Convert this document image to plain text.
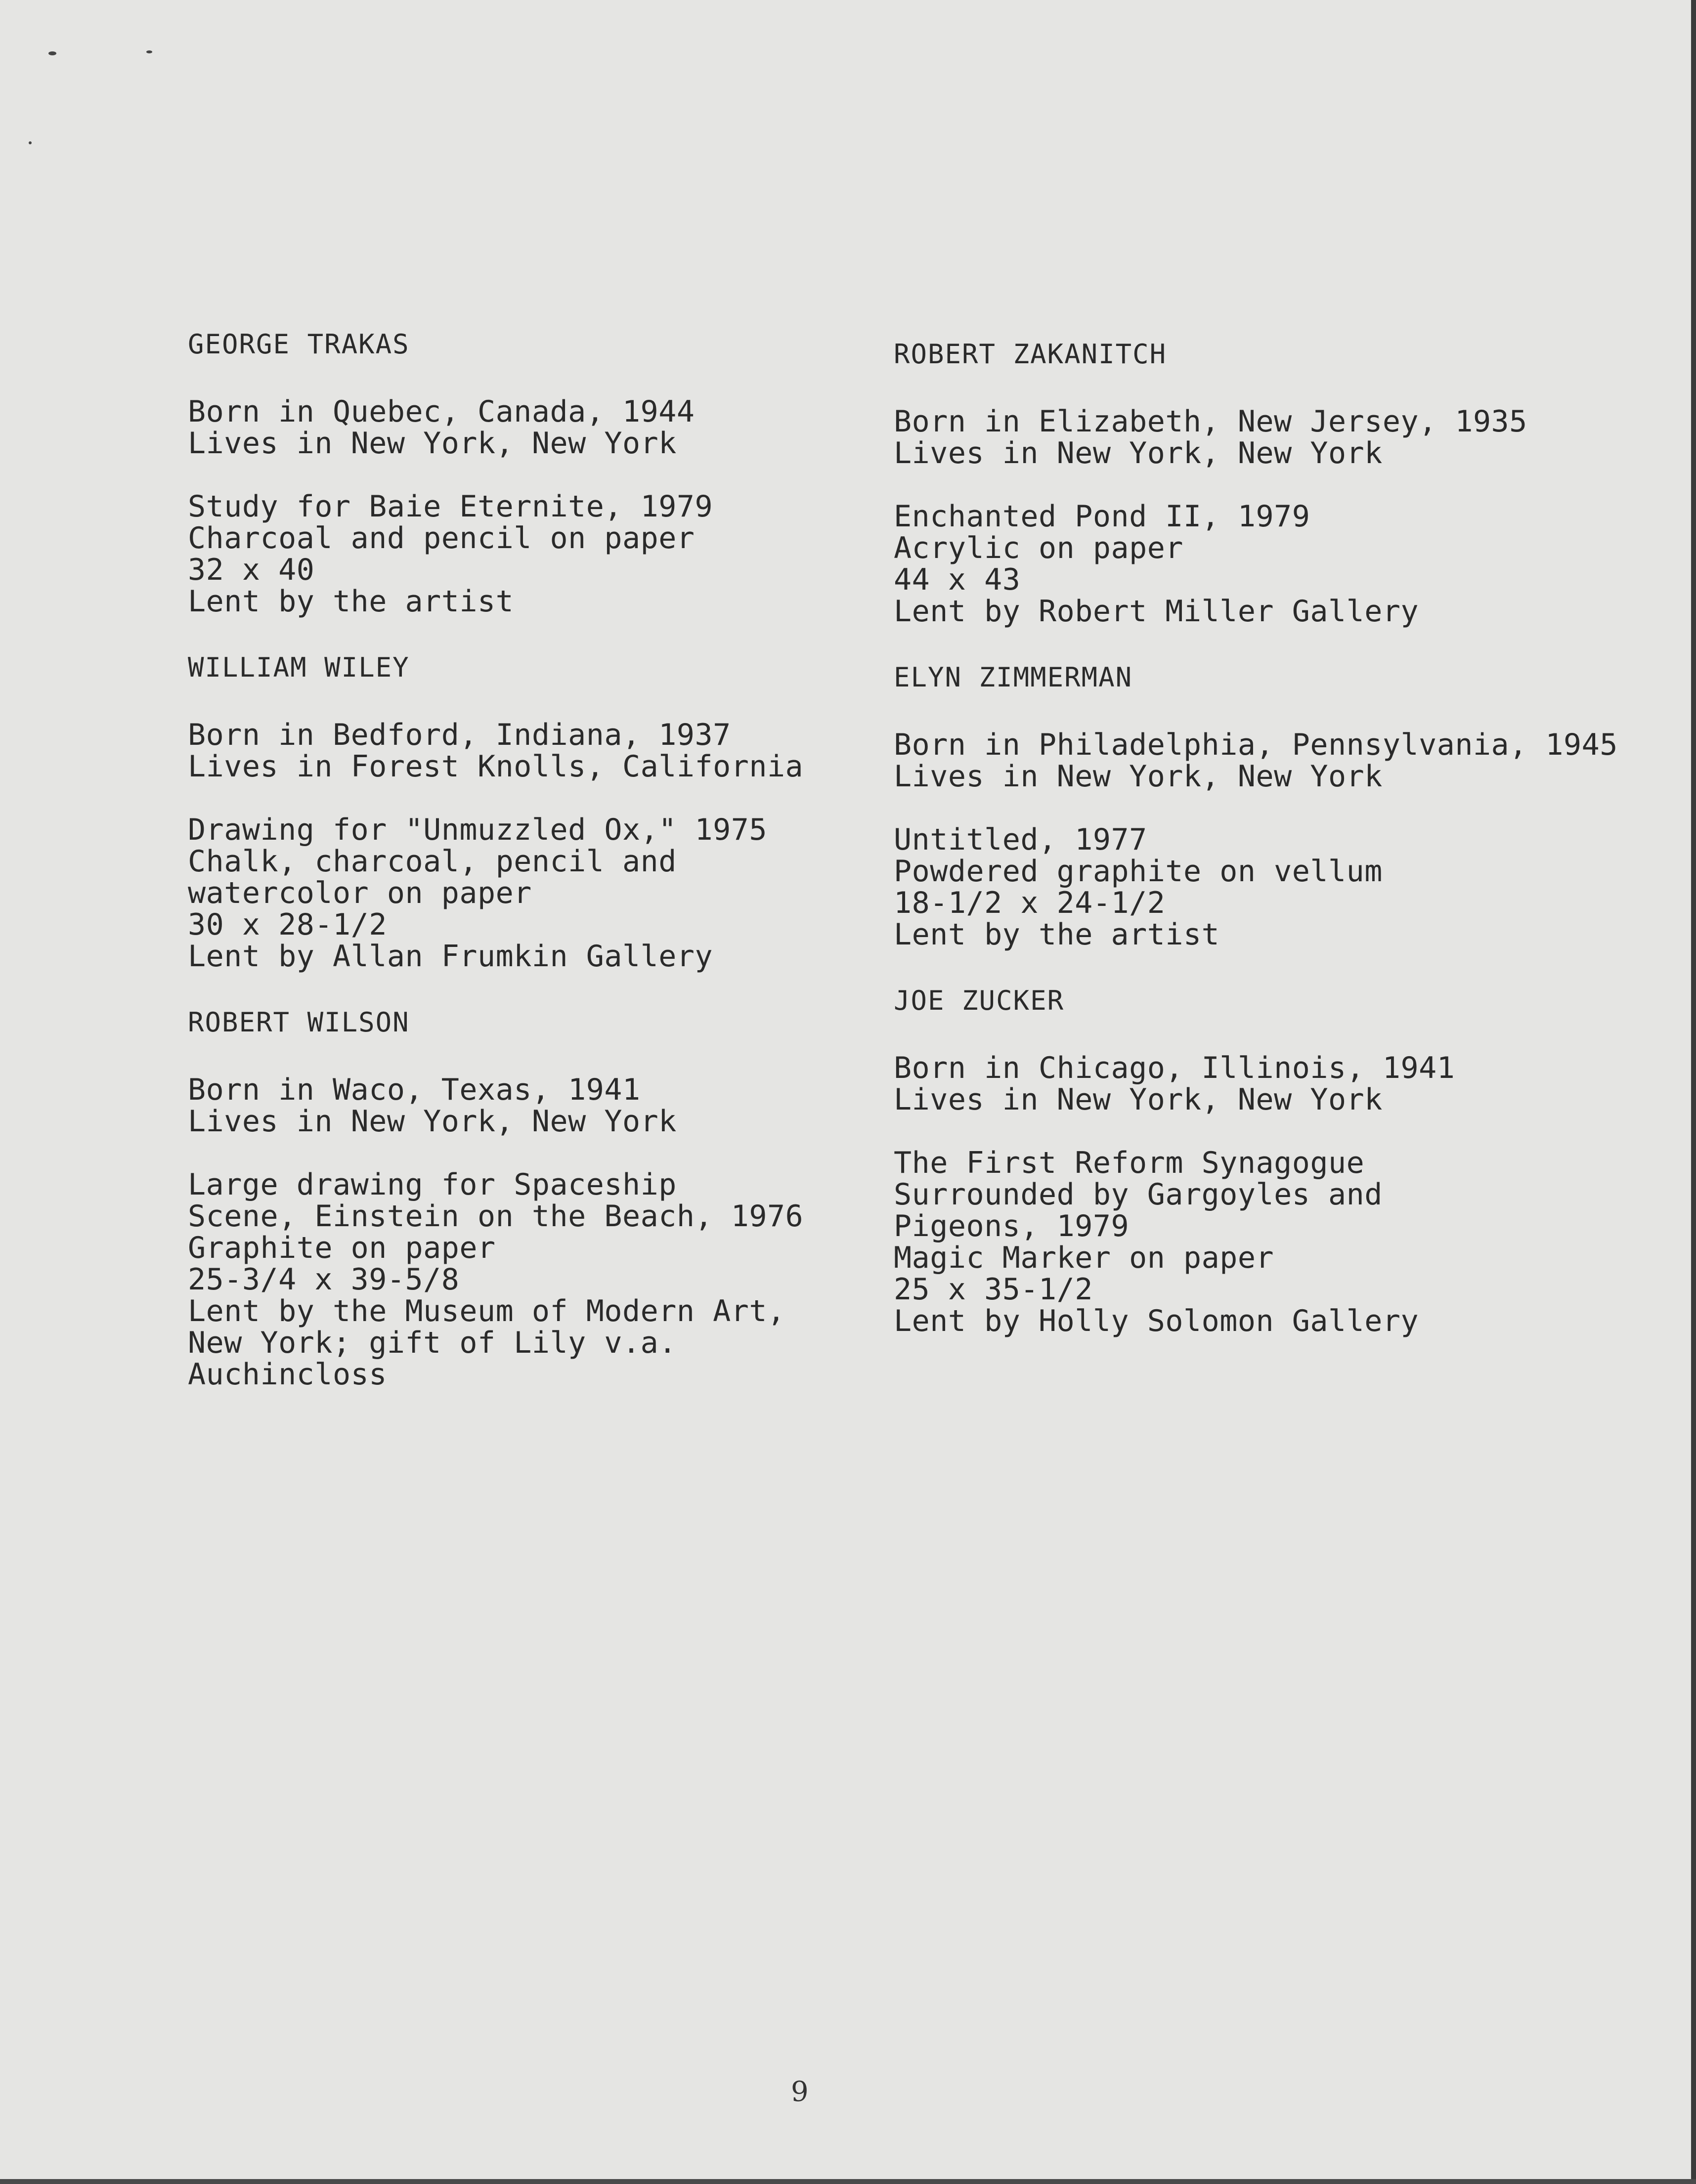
GEORGE TRAKAS
Born in Quebec, Canada, 1944
Lives in New York, New York
Study for Baie Eternite, 1979
Charcoal and pencil on paper
32 x 40
Lent by the artist
WILLIAM WILEY
Born in Bedford, Indiana, 1937
Lives in Forest Knolls, California
Drawing for "Unmuzzled Ox," 1975
Chalk, charcoal, pencil and
watercolor on paper
30 x 28-1/2
Lent by Allan Frumkin Gallery
ROBERT WILSON
Born in Waco, Texas, 1941
Lives in New York, New York
Large drawing for Spaceship
Scene, Einstein on the Beach, 1976
Graphite on paper
25-3/4 x 39-5/8
Lent by the Museum of Modern Art,
New York; gift of Lily v.a.
Auchincloss
ROBERT ZAKANITCH
Born in Elizabeth, New Jersey, 1935
Lives in New York, New York
Enchanted Pond II, 1979
Acrylic on paper
44 x 43
Lent by Robert Miller Gallery
ELYN ZIMMERMAN
Born in Philadelphia, Pennsylvania, 1945
Lives in New York, New York
Untitled, 1977
Powdered graphite on vellum
18-1/2 x 24-1/2
Lent by the artist
JOE ZUCKER
Born in Chicago, Illinois, 1941
Lives in New York, New York
The First Reform Synagogue
Surrounded by Gargoyles and
Pigeons, 1979
Magic Marker on paper
25 x 35-1/2
Lent by Holly Solomon Gallery
9
